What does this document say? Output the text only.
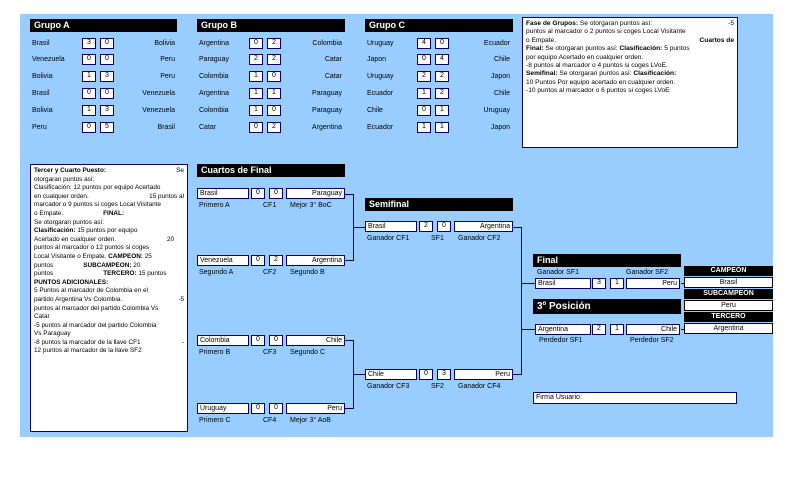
Grupo A
Brasil	3	0	Bolivia
Venezuela	0	0	Peru
Bolivia	1	3	Peru
Brasil	0	0	Venezuela
Bolivia	1	3	Venezuela
Peru	0	5	Brasil
Grupo B
Argentina	0	2	Colombia
Paraguay	2	2	Catar
Colombia	1	0	Catar
Argentina	1	1	Paraguay
Colombia	1	0	Paraguay
Catar	0	2	Argentina
Grupo C
Uruguay	4	0	Ecuador
Japon	0	4	Chile
Uruguay	2	2	Japon
Ecuador	1	2	Chile
Chile	0	1	Uruguay
Ecuador	1	1	Japon
Fase de Grupos: Se otorgaran puntos así:	-5
puntos al marcador o 2 puntos si coges Local Visitante
o Empate.	Cuartos de
Final: Se otorgaran puntos así: Clasificación: 5 puntos
por equipo Acertado en cualquier orden.
-8 puntos al marcador o 4 puntos si coges LVoE.
Semifinal: Se otorgaran puntos así: Clasificación:
10 Puntos Por equipo acertado en cualquier orden.
-10 puntos al marcador o 6 puntos si coges LVoE
Tercer y Cuarto Puesto:	Se
otorgaran puntos así:
Clasificación: 12 puntos por equipo Acertado
en cualquier orden.	15 puntos al
marcador o 9 puntos si coges Local Visitante
o Empate.	FINAL:
Se otorgaran puntos así:
Clasificación: 15 puntos por equipo
Acertado en cualquier orden.	20
puntos al marcador o 12 puntos si coges
Local Visitante o Empate. CAMPEON: 25
puntos	SUBCAMPEON: 20
puntos	TERCERO: 15 puntos
PUNTOS ADICIONALES:
5 Puntos al marcador de Colombia en el
partido Argentina Vs Colombia.	-5
puntos al marcador del partido Colombia Vs
Catar
-5 puntos al marcador del partido Colombia
Vs Paraguay
-8 puntos la marcador de la llave CF1	-
12 puntos al marcador de la llave SF2
Cuartos de Final
Brasil	0	0	Paraguay
Primero A	CF1 Mejor 3° BoC
Venezuela	0	2	Argentina
Segundo A	CF2 Segundo B
Colombia	0	0	Chile
Primero B	CF3 Segundo C
Uruguay	0	0	Peru
Primero C	CF4 Mejor 3° AoB
Semifinal
Brasil	2	0	Argentina
Ganador CF1	SF1 Ganador CF2
Chile	0	3	Peru
Ganador CF3	SF2 Ganador CF4
Final
Ganador SF1	Ganador SF2
Brasil	3	1	Peru
3º Posición
Argentina	2	1	Chile
Perdedor SF1	Perdedor SF2
CAMPEÓN
Brasil
SUBCAMPEÓN
Peru
TERCERO
Argentina
Firma Usuario:
